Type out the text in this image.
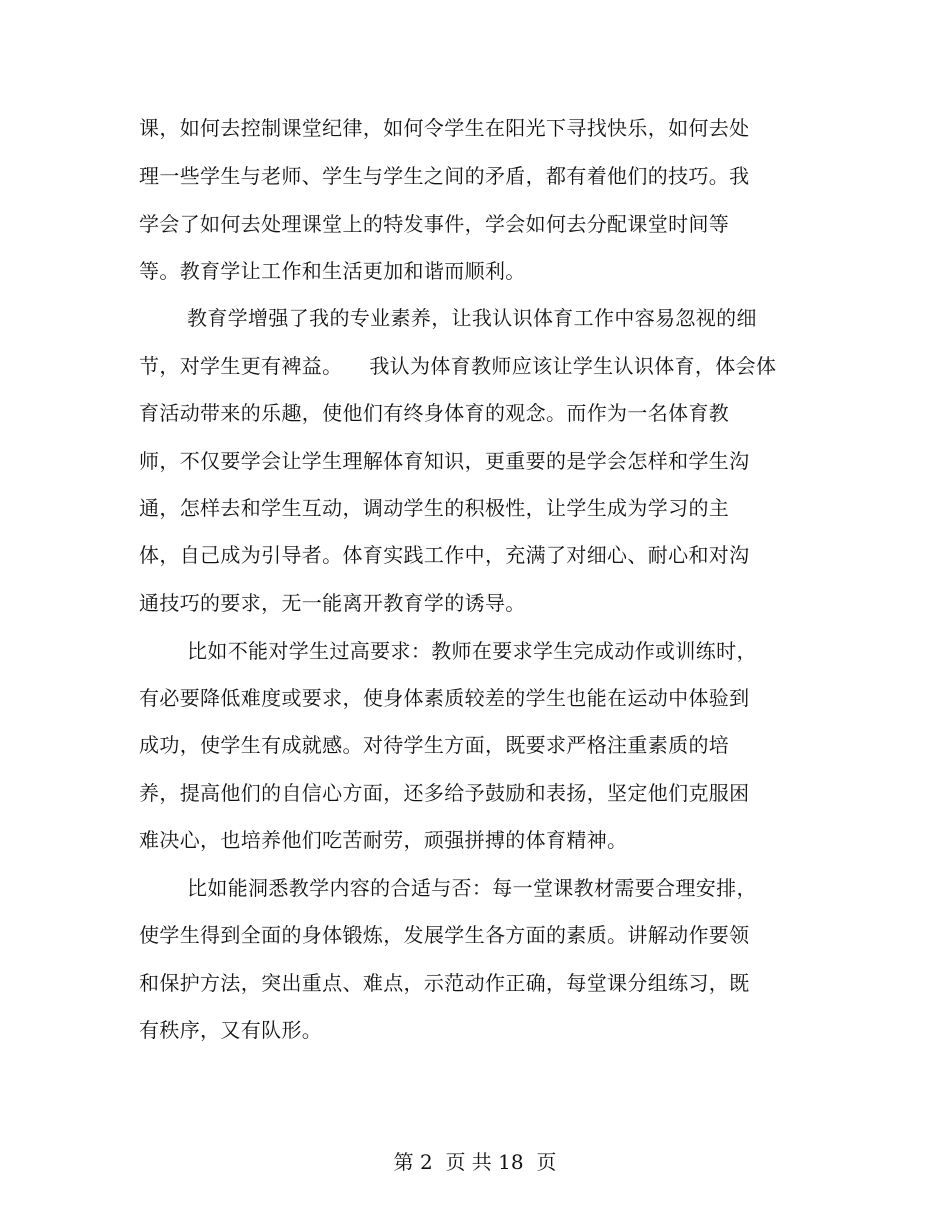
课，如何去控制课堂纪律，如何令学生在阳光下寻找快乐，如何去处
理一些学生与老师、学生与学生之间的矛盾，都有着他们的技巧。我
学会了如何去处理课堂上的特发事件，学会如何去分配课堂时间等
等。教育学让工作和生活更加和谐而顺利。
教育学增强了我的专业素养，让我认识体育工作中容易忽视的细
节，对学生更有裨益。    我认为体育教师应该让学生认识体育，体会体
育活动带来的乐趣，使他们有终身体育的观念。而作为一名体育教
师，不仅要学会让学生理解体育知识，更重要的是学会怎样和学生沟
通，怎样去和学生互动，调动学生的积极性，让学生成为学习的主
体，自己成为引导者。体育实践工作中，充满了对细心、耐心和对沟
通技巧的要求，无一能离开教育学的诱导。
比如不能对学生过高要求：教师在要求学生完成动作或训练时，
有必要降低难度或要求，使身体素质较差的学生也能在运动中体验到
成功，使学生有成就感。对待学生方面，既要求严格注重素质的培
养，提高他们的自信心方面，还多给予鼓励和表扬，坚定他们克服困
难决心，也培养他们吃苦耐劳，顽强拼搏的体育精神。
比如能洞悉教学内容的合适与否：每一堂课教材需要合理安排，
使学生得到全面的身体锻炼，发展学生各方面的素质。讲解动作要领
和保护方法，突出重点、难点，示范动作正确，每堂课分组练习，既
有秩序，又有队形。
第 2  页 共 18  页
